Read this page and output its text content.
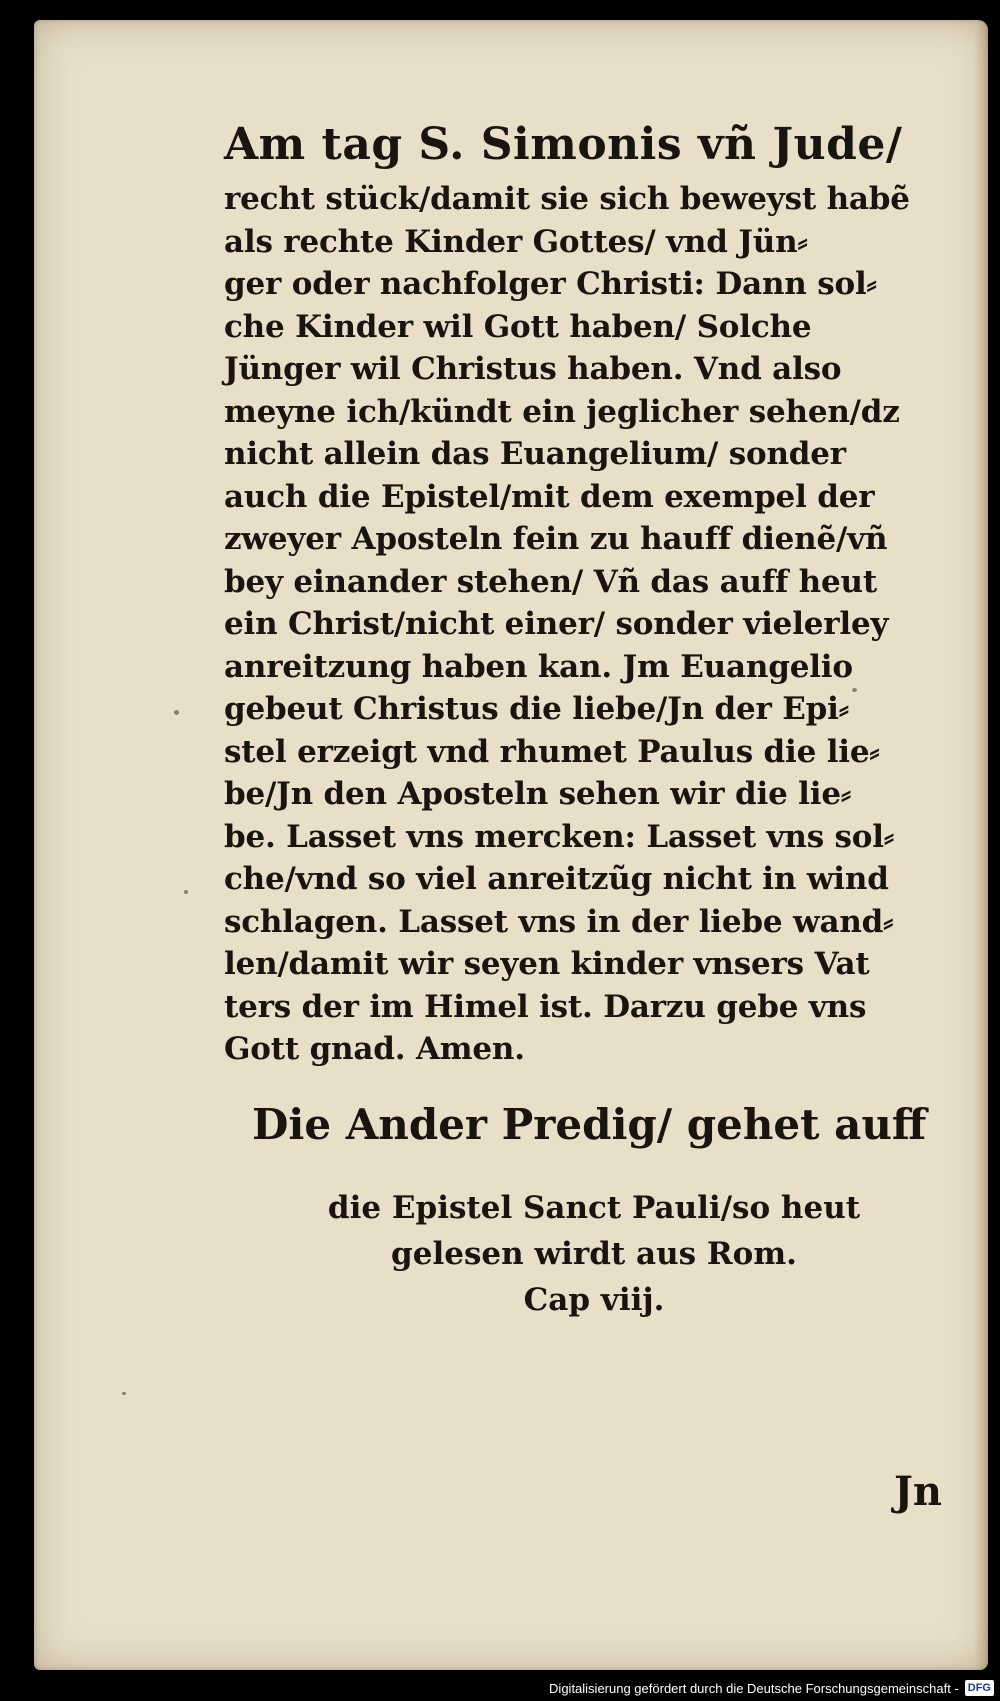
Am tag S. Simonis vñ Jude/
recht stück/damit sie sich beweyst habẽ
als rechte Kinder Gottes/ vnd Jün⸗
ger oder nachfolger Christi: Dann sol⸗
che Kinder wil Gott haben/ Solche
Jünger wil Christus haben. Vnd also
meyne ich/kündt ein jeglicher sehen/dz
nicht allein das Euangelium/ sonder
auch die Epistel/mit dem exempel der
zweyer Aposteln fein zu hauff dienẽ/vñ
bey einander stehen/ Vñ das auff heut
ein Christ/nicht einer/ sonder vielerley
anreitzung haben kan. Jm Euangelio
gebeut Christus die liebe/Jn der Epi⸗
stel erzeigt vnd rhumet Paulus die lie⸗
be/Jn den Aposteln sehen wir die lie⸗
be. Lasset vns mercken: Lasset vns sol⸗
che/vnd so viel anreitzũg nicht in wind
schlagen. Lasset vns in der liebe wand⸗
len/damit wir seyen kinder vnsers Vat
ters der im Himel ist. Darzu gebe vns
Gott gnad. Amen.
Die Ander Predig/ gehet auff
die Epistel Sanct Pauli/so heut
gelesen wirdt aus Rom.
Cap viij.
Jn
Digitalisierung gefördert durch die Deutsche Forschungsgemeinschaft - DFG
